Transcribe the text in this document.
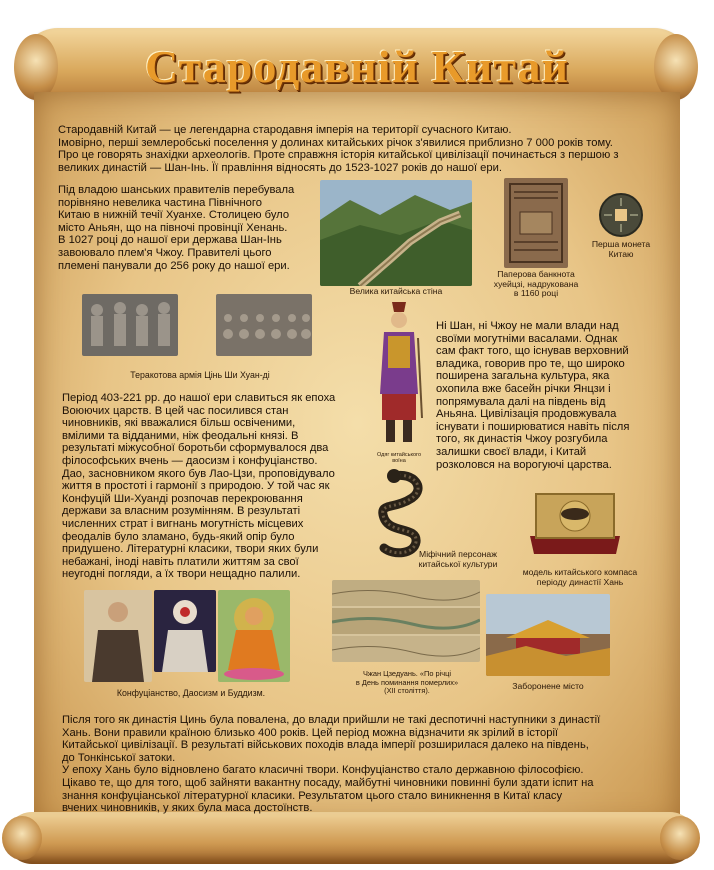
Стародавній Китай

Стародавній Китай — це легендарна стародавня імперія на території сучасного Китаю.

Імовірно, перші землеробські поселення у долинах китайських річок з'явилися приблизно 7 000 років тому.

Про це говорять знахідки археологів. Проте справжня історія китайської цивілізації починається з першою з

великих династій — Шан-Інь. Її правління відносять до 1523-1027 років до нашої ери.

Під владою шанських правителів перебувала

порівняно невелика частина Північного

Китаю в нижній течії Хуанхе. Столицею було

місто Аньян, що на півночі провінції Хенань.

В 1027 році до нашої ери держава Шан-Інь

завоювало плем'я Чжоу. Правителі цього

племені панували до 256 року до нашої ери.

Велика китайська стіна
Паперова банкнота
хуейцзі, надрукована
в 1160 році
Перша монета
Китаю
Теракотова армія Цінь Ши Хуан-ді
Одяг китайського
воїна

Ні Шан, ні Чжоу не мали влади над

своїми могутніми васалами. Однак

сам факт того, що існував верховний

владика, говорив про те, що широко

поширена загальна культура, яка

охопила вже басейн річки Янцзи і

попрямувала далі на південь від

Аньяна. Цивілізація продовжувала

існувати і поширюватися навіть після

того, як династія Чжоу розгубила

залишки своєї влади, і Китай

розколовся на ворогуючі царства.

Період 403-221 рр. до нашої ери славиться як епоха

Воюючих царств. В цей час посилився стан

чиновників, які вважалися більш освіченими,

вмілими та відданими, ніж феодальні князі. В

результаті міжусобної боротьби сформувалося два

філософських вчень — даосизм і конфуціанство.

Дао, засновником якого був Лао-Цзи, проповідувало

життя в простоті і гармонії з природою. У той час як

Конфуцій Ши-Хуанді розпочав перекроювання

держави за власним розумінням. В результаті

численних страт і вигнань могутність місцевих

феодалів було зламано, будь-який опір було

придушено. Літературні класики, твори яких були

небажані, іноді навіть платили життям за свої

неугодні погляди, а їх твори нещадно палили.

Міфічний персонаж
китайської культури
модель китайського компаса
періоду династії Хань
Конфуціанство, Даосизм и Буддизм.
Чжан Цзедуань. «По річці
в День поминання померлих»
(XII століття).	Заборонене місто

Після того як династія Цинь була повалена, до влади прийшли не такі деспотичні наступники з династії

Хань. Вони правили країною близько 400 років. Цей період можна відзначити як зрілий в історії

Китайської цивілізації. В результаті військових походів влада імперії розширилася далеко на південь,

до Тонкінської затоки.

У епоху Хань було відновлено багато класичні твори. Конфуціанство стало державною філософією.

Цікаво те, що для того, щоб зайняти вакантну посаду, майбутні чиновники повинні були здати іспит на

знання конфуціанської літературної класики. Результатом цього стало виникнення в Китаї класу

вчених чиновників, у яких була маса достоїнств.
